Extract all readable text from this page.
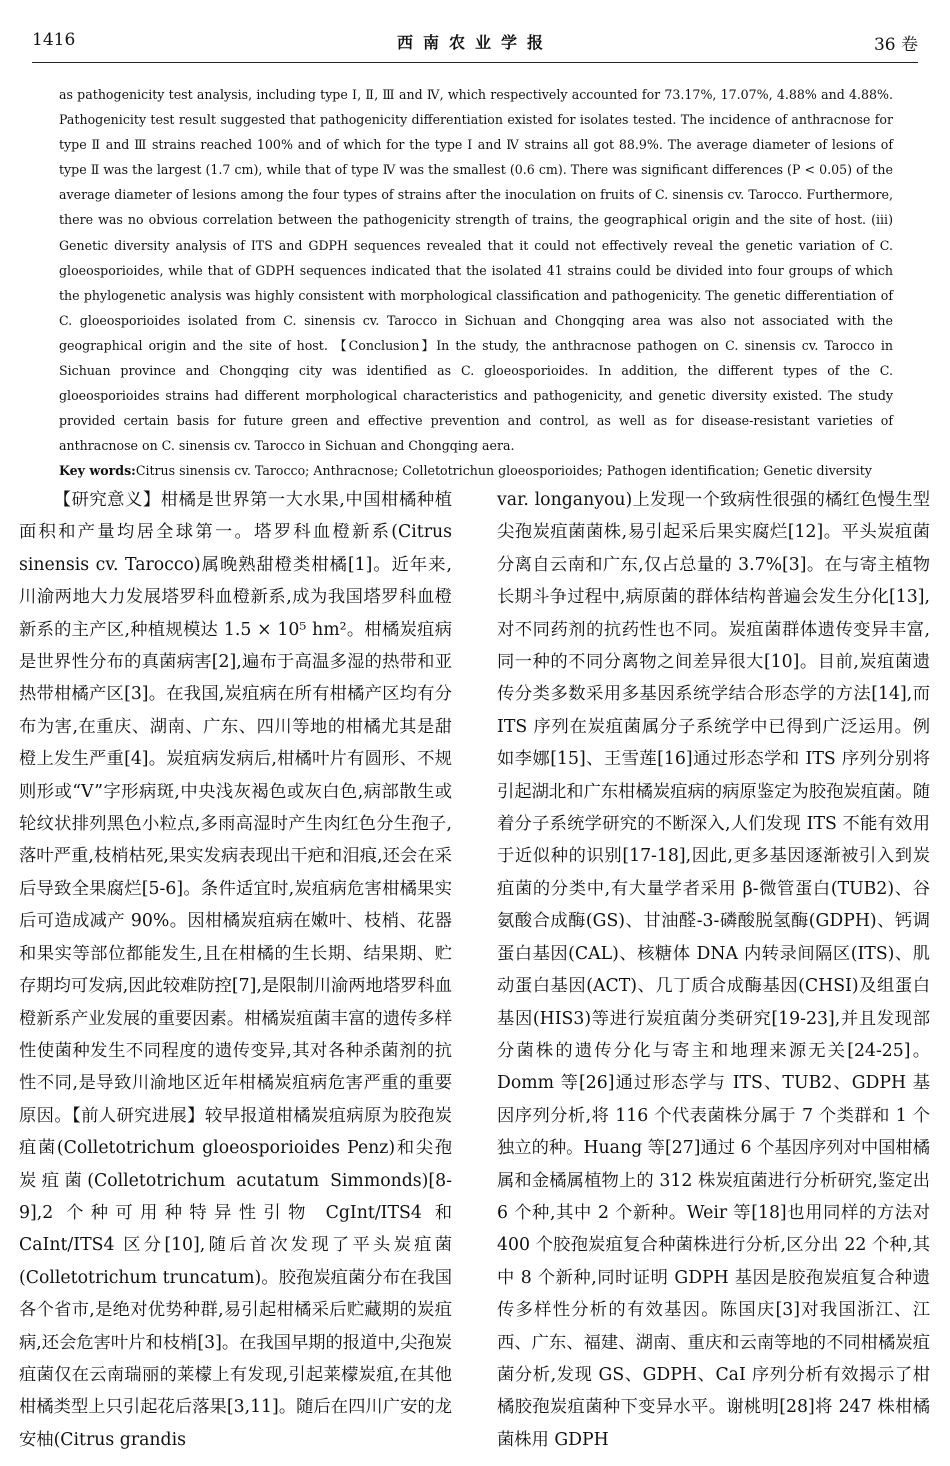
1416	西南农业学报	36 卷

as pathogenicity test analysis, including type Ⅰ, Ⅱ, Ⅲ and Ⅳ, which respectively accounted for 73.17%, 17.07%, 4.88% and 4.88%. Pathogenicity test result suggested that pathogenicity differentiation existed for isolates tested. The incidence of anthracnose for type Ⅱ and Ⅲ strains reached 100% and of which for the type Ⅰ and Ⅳ strains all got 88.9%. The average diameter of lesions of type Ⅱ was the largest (1.7 cm), while that of type Ⅳ was the smallest (0.6 cm). There was significant differences (P < 0.05) of the average diameter of lesions among the four types of strains after the inoculation on fruits of C. sinensis cv. Tarocco. Furthermore, there was no obvious correlation between the pathogenicity strength of trains, the geographical origin and the site of host. (iii) Genetic diversity analysis of ITS and GDPH sequences revealed that it could not effectively reveal the genetic variation of C. gloeosporioides, while that of GDPH sequences indicated that the isolated 41 strains could be divided into four groups of which the phylogenetic analysis was highly consistent with morphological classification and pathogenicity. The genetic differentiation of C. gloeosporioides isolated from C. sinensis cv. Tarocco in Sichuan and Chongqing area was also not associated with the geographical origin and the site of host. 【Conclusion】In the study, the anthracnose pathogen on C. sinensis cv. Tarocco in Sichuan province and Chongqing city was identified as C. gloeosporioides. In addition, the different types of the C. gloeosporioides strains had different morphological characteristics and pathogenicity, and genetic diversity existed. The study provided certain basis for future green and effective prevention and control, as well as for disease-resistant varieties of anthracnose on C. sinensis cv. Tarocco in Sichuan and Chongqing aera.

Key words:Citrus sinensis cv. Tarocco; Anthracnose; Colletotrichun gloeosporioides; Pathogen identification; Genetic diversity

【研究意义】柑橘是世界第一大水果,中国柑橘种植面积和产量均居全球第一。塔罗科血橙新系(Citrus sinensis cv. Tarocco)属晚熟甜橙类柑橘[1]。近年来,川渝两地大力发展塔罗科血橙新系,成为我国塔罗科血橙新系的主产区,种植规模达 1.5 × 10⁵ hm²。柑橘炭疽病是世界性分布的真菌病害[2],遍布于高温多湿的热带和亚热带柑橘产区[3]。在我国,炭疽病在所有柑橘产区均有分布为害,在重庆、湖南、广东、四川等地的柑橘尤其是甜橙上发生严重[4]。炭疽病发病后,柑橘叶片有圆形、不规则形或“V”字形病斑,中央浅灰褐色或灰白色,病部散生或轮纹状排列黑色小粒点,多雨高湿时产生肉红色分生孢子,落叶严重,枝梢枯死,果实发病表现出干疤和泪痕,还会在采后导致全果腐烂[5-6]。条件适宜时,炭疽病危害柑橘果实后可造成减产 90%。因柑橘炭疽病在嫩叶、枝梢、花器和果实等部位都能发生,且在柑橘的生长期、结果期、贮存期均可发病,因此较难防控[7],是限制川渝两地塔罗科血橙新系产业发展的重要因素。柑橘炭疽菌丰富的遗传多样性使菌种发生不同程度的遗传变异,其对各种杀菌剂的抗性不同,是导致川渝地区近年柑橘炭疽病危害严重的重要原因。【前人研究进展】较早报道柑橘炭疽病原为胶孢炭疽菌(Colletotrichum gloeosporioides Penz)和尖孢炭疽菌(Colletotrichum acutatum Simmonds)[8-9],2 个种可用种特异性引物 CgInt/ITS4 和 CaInt/ITS4 区分[10],随后首次发现了平头炭疽菌(Colletotrichum truncatum)。胶孢炭疽菌分布在我国各个省市,是绝对优势种群,易引起柑橘采后贮藏期的炭疽病,还会危害叶片和枝梢[3]。在我国早期的报道中,尖孢炭疽菌仅在云南瑞丽的莱檬上有发现,引起莱檬炭疽,在其他柑橘类型上只引起花后落果[3,11]。随后在四川广安的龙安柚(Citrus grandis

var. longanyou)上发现一个致病性很强的橘红色慢生型尖孢炭疽菌菌株,易引起采后果实腐烂[12]。平头炭疽菌分离自云南和广东,仅占总量的 3.7%[3]。在与寄主植物长期斗争过程中,病原菌的群体结构普遍会发生分化[13],对不同药剂的抗药性也不同。炭疽菌群体遗传变异丰富,同一种的不同分离物之间差异很大[10]。目前,炭疽菌遗传分类多数采用多基因系统学结合形态学的方法[14],而 ITS 序列在炭疽菌属分子系统学中已得到广泛运用。例如李娜[15]、王雪莲[16]通过形态学和 ITS 序列分别将引起湖北和广东柑橘炭疽病的病原鉴定为胶孢炭疽菌。随着分子系统学研究的不断深入,人们发现 ITS 不能有效用于近似种的识别[17-18],因此,更多基因逐渐被引入到炭疽菌的分类中,有大量学者采用 β-微管蛋白(TUB2)、谷氨酸合成酶(GS)、甘油醛-3-磷酸脱氢酶(GDPH)、钙调蛋白基因(CAL)、核糖体 DNA 内转录间隔区(ITS)、肌动蛋白基因(ACT)、几丁质合成酶基因(CHSI)及组蛋白基因(HIS3)等进行炭疽菌分类研究[19-23],并且发现部分菌株的遗传分化与寄主和地理来源无关[24-25]。Domm 等[26]通过形态学与 ITS、TUB2、GDPH 基因序列分析,将 116 个代表菌株分属于 7 个类群和 1 个独立的种。Huang 等[27]通过 6 个基因序列对中国柑橘属和金橘属植物上的 312 株炭疽菌进行分析研究,鉴定出 6 个种,其中 2 个新种。Weir 等[18]也用同样的方法对 400 个胶孢炭疽复合种菌株进行分析,区分出 22 个种,其中 8 个新种,同时证明 GDPH 基因是胶孢炭疽复合种遗传多样性分析的有效基因。陈国庆[3]对我国浙江、江西、广东、福建、湖南、重庆和云南等地的不同柑橘炭疽菌分析,发现 GS、GDPH、CaI 序列分析有效揭示了柑橘胶孢炭疽菌种下变异水平。谢桃明[28]将 247 株柑橘菌株用 GDPH
